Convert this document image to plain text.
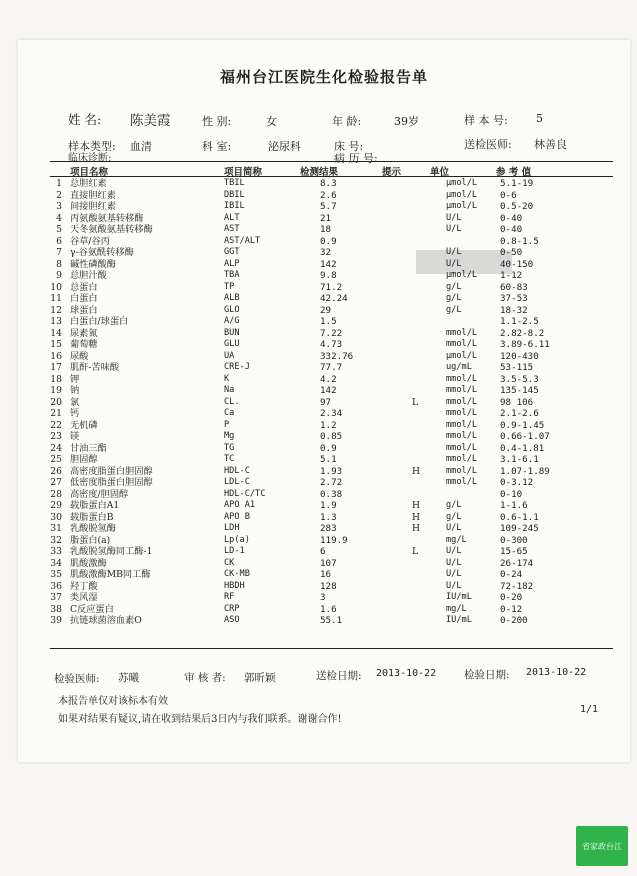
福州台江医院生化检验报告单
姓 名: 陈美霞	性 别:	女	年 龄:	39岁	样 本 号:	5
样本类型: 血清	科 室:	泌尿科	床 号:	送检医师: 林善良
临床诊断:	病 历 号:
项目名称	项目简称	检测结果	提示	单位	参 考 值
1 总胆红素	TBIL	8.3	μmol/L 5.1-19
2 直接胆红素	DBIL	2.6	μmol/L 0-6
3 间接胆红素	IBIL	5.7	μmol/L 0.5-20
4 丙氨酸氨基转移酶	ALT	21	U/L	0-40
5 天冬氨酸氨基转移酶	AST	18	U/L	0-40
6 谷草/谷丙	AST/ALT	0.9	0.8-1.5
7 γ-谷氨酰转移酶	GGT	32	U/L	0-50
8 碱性磷酸酶	ALP	142	U/L	40-150
9 总胆汁酸	TBA	9.8	μmol/L 1-12
10 总蛋白	TP	71.2	g/L	60-83
11 白蛋白	ALB	42.24	g/L	37-53
12 球蛋白	GLO	29	g/L	18-32
13 白蛋白/球蛋白	A/G	1.5	1.1-2.5
14 尿素氮	BUN	7.22	mmol/L 2.82-8.2
15 葡萄糖	GLU	4.73	mmol/L 3.89-6.11
16 尿酸	UA	332.76	μmol/L 120-430
17 肌酐-苦味酸	CRE-J	77.7	ug/mL	53-115
18 钾	K	4.2	mmol/L 3.5-5.3
19 钠	Na	142	mmol/L 135-145
20 氯	CL.	97	L	mmol/L 98 106
21 钙	Ca	2.34	mmol/L 2.1-2.6
22 无机磷	P	1.2	mmol/L 0.9-1.45
23 镁	Mg	0.85	mmol/L 0.66-1.07
24 甘油三酯	TG	0.9	mmol/L 0.4-1.81
25 胆固醇	TC	5.1	mmol/L 3.1-6.1
26 高密度脂蛋白胆固醇	HDL-C	1.93	H	mmol/L 1.07-1.89
27 低密度脂蛋白胆固醇	LDL-C	2.72	mmol/L 0-3.12
28 高密度/胆固醇	HDL-C/TC	0.38	0-10
29 载脂蛋白A1	APO A1	1.9	H	g/L	1-1.6
30 载脂蛋白B	APO B	1.3	H	g/L	0.6-1.1
31 乳酸脱氢酶	LDH	283	H	U/L	109-245
32 脂蛋白(a)	Lp(a)	119.9	mg/L	0-300
33 乳酸脱氢酶同工酶-1	LD-1	6	L	U/L	15-65
34 肌酸激酶	CK	107	U/L	26-174
35 肌酸激酶MB同工酶	CK-MB	16	U/L	0-24
36 羟丁酸	HBDH	128	U/L	72-182
37 类风湿	RF	3	IU/mL	0-20
38 C反应蛋白	CRP	1.6	mg/L	0-12
39 抗链球菌溶血素O	ASO	55.1	IU/mL	0-200
检验医师: 苏曦	审 核 者: 郭昕颖	送检日期: 2013-10-22	检验日期: 2013-10-22
本报告单仅对该标本有效
如果对结果有疑议,请在收到结果后3日内与我们联系。谢谢合作!
1/1
省家政台江
